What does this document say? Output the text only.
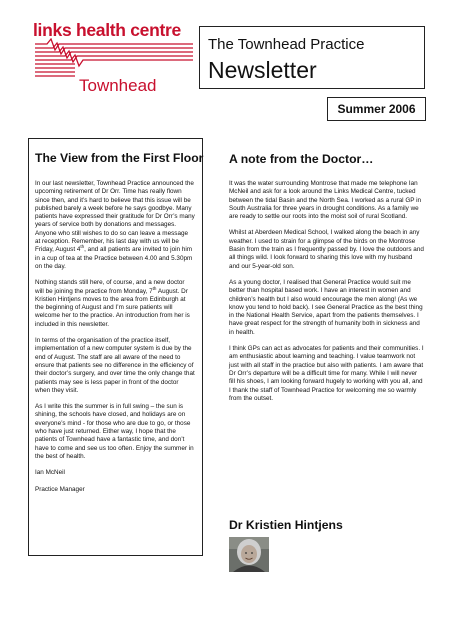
links health centre
Townhead
The Townhead Practice
Newsletter
Summer 2006
The View from the First Floor

In our last newsletter, Townhead Practice announced the upcoming retirement of Dr Orr. Time has really flown since then, and it’s hard to believe that this issue will be published barely a week before he says goodbye. Many patients have expressed their gratitude for Dr Orr’s many years of service both by donations and messages. Anyone who still wishes to do so can leave a message at reception. Remember, his last day with us will be Friday, August 4th, and all patients are invited to join him in a cup of tea at the Practice between 4.00 and 5.30pm on the day.

Nothing stands still here, of course, and a new doctor will be joining the practice from Monday, 7th August. Dr Kristien Hintjens moves to the area from Edinburgh at the beginning of August and I’m sure patients will welcome her to the practice. An introduction from her is included in this newsletter.

In terms of the organisation of the practice itself, implementation of a new computer system is due by the end of August. The staff are all aware of the need to ensure that patients see no difference in the efficiency of their doctor’s surgery, and over time the only change that patients may see is less paper in front of the doctor when they visit.

As I write this the summer is in full swing – the sun is shining, the schools have closed, and holidays are on everyone’s mind - for those who are due to go, or those who have just returned. Either way, I hope that the patients of Townhead have a fantastic time, and don’t have to come and see us too often. Enjoy the summer in the best of health.

Ian McNeil

Practice Manager

A note from the Doctor…

It was the water surrounding Montrose that made me telephone Ian McNeil and ask for a look around the Links Medical Centre, tucked between the tidal Basin and the North Sea. I worked as a rural GP in South Australia for three years in drought conditions. As a family we are ready to settle our roots into the moist soil of rural Scotland.

Whilst at Aberdeen Medical School, I walked along the beach in any weather. I used to strain for a glimpse of the birds on the Montrose Basin from the train as I frequently passed by. I love the outdoors and all things wild. I look forward to sharing this love with my husband and our 5-year-old son.

As a young doctor, I realised that General Practice would suit me better than hospital based work. I have an interest in women and children’s health but I also would encourage the men along! (As we know you tend to hold back). I see General Practice as the best thing in the National Health Service, apart from the patients themselves. I have great respect for the strength of humanity both in sickness and in health.

I think GPs can act as advocates for patients and their communities. I am enthusiastic about learning and teaching. I value teamwork not just with all staff in the practice but also with patients. I am aware that Dr Orr’s departure will be a difficult time for many. While I will never fill his shoes, I am looking forward hugely to working with you all, and I thank the staff of Townhead Practice for welcoming me so warmly from the outset.

Dr Kristien Hintjens
